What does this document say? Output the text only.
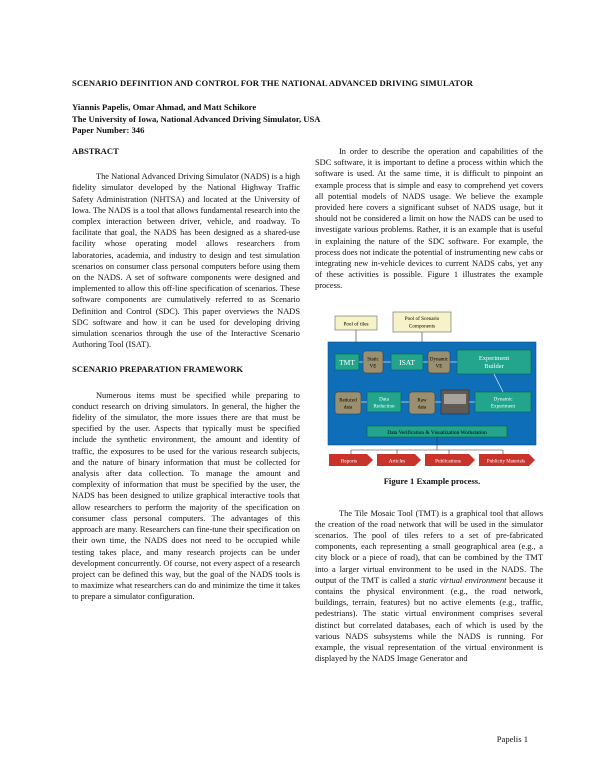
SCENARIO DEFINITION AND CONTROL FOR THE NATIONAL ADVANCED DRIVING SIMULATOR
Yiannis Papelis, Omar Ahmad, and Matt Schikore
The University of Iowa, National Advanced Driving Simulator, USA
Paper Number: 346
ABSTRACT

The National Advanced Driving Simulator (NADS) is a high fidelity simulator developed by the National Highway Traffic Safety Administration (NHTSA) and located at the University of Iowa. The NADS is a tool that allows fundamental research into the complex interaction between driver, vehicle, and roadway. To facilitate that goal, the NADS has been designed as a shared-use facility whose operating model allows researchers from laboratories, academia, and industry to design and test simulation scenarios on consumer class personal computers before using them on the NADS. A set of software components were designed and implemented to allow this off-line specification of scenarios. These software components are cumulatively referred to as Scenario Definition and Control (SDC). This paper overviews the NADS SDC software and how it can be used for developing driving simulation scenarios through the use of the Interactive Scenario Authoring Tool (ISAT).

SCENARIO PREPARATION FRAMEWORK

Numerous items must be specified while preparing to conduct research on driving simulators. In general, the higher the fidelity of the simulator, the more issues there are that must be specified by the user. Aspects that typically must be specified include the synthetic environment, the amount and identity of traffic, the exposures to be used for the various research subjects, and the nature of binary information that must be collected for analysis after data collection. To manage the amount and complexity of information that must be specified by the user, the NADS has been designed to utilize graphical interactive tools that allow researchers to perform the majority of the specification on consumer class personal computers. The advantages of this approach are many. Researchers can fine-tune their specification on their own time, the NADS does not need to be occupied while testing takes place, and many research projects can be under development concurrently. Of course, not every aspect of a research project can be defined this way, but the goal of the NADS tools is to maximize what researchers can do and minimize the time it takes to prepare a simulator configuration.

In order to describe the operation and capabilities of the SDC software, it is important to define a process within which the software is used. At the same time, it is difficult to pinpoint an example process that is simple and easy to comprehend yet covers all potential models of NADS usage. We believe the example provided here covers a significant subset of NADS usage, but it should not be considered a limit on how the NADS can be used to investigate various problems. Rather, it is an example that is useful in explaining the nature of the SDC software. For example, the process does not indicate the potential of instrumenting new cabs or integrating new in-vehicle devices to current NADS cabs, yet any of these activities is possible. Figure 1 illustrates the example process.

Pool of tiles
Pool of Scenario
Components
TMT Static
VE	ISAT	Dynamic
VE
Experiment
Builder
Reduced
data
Data
Reduction
Raw
data
Dynamic
Experiment
Data Verification & Visualization Workstation
Reports	Articles	Publications	Publicity Materials
Figure 1 Example process.

The Tile Mosaic Tool (TMT) is a graphical tool that allows the creation of the road network that will be used in the simulator scenarios. The pool of tiles refers to a set of pre-fabricated components, each representing a small geographical area (e.g., a city block or a piece of road), that can be combined by the TMT into a larger virtual environment to be used in the NADS. The output of the TMT is called a static virtual environment because it contains the physical environment (e.g., the road network, buildings, terrain, features) but no active elements (e.g., traffic, pedestrians). The static virtual environment comprises several distinct but correlated databases, each of which is used by the various NADS subsystems while the NADS is running. For example, the visual representation of the virtual environment is displayed by the NADS Image Generator and

Papelis 1
